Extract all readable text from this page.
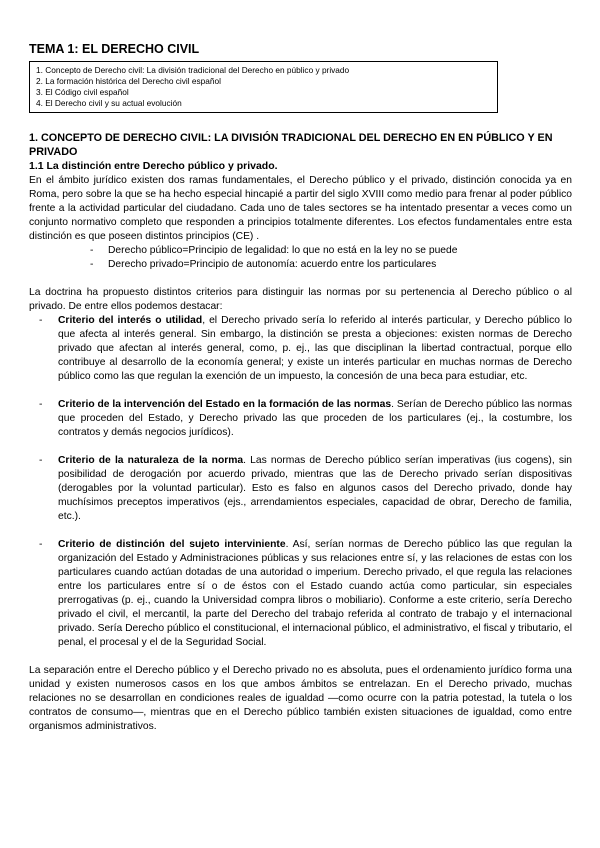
TEMA 1: EL DERECHO CIVIL
1. Concepto de Derecho civil: La división tradicional del Derecho en público y privado
2. La formación histórica del Derecho civil español
3. El Código civil español
4. El Derecho civil y su actual evolución
1. CONCEPTO DE DERECHO CIVIL: LA DIVISIÓN TRADICIONAL DEL DERECHO EN EN PÚBLICO Y EN PRIVADO
1.1 La distinción entre Derecho público y privado.

En el ámbito jurídico existen dos ramas fundamentales, el Derecho público y el privado, distinción conocida ya en Roma, pero sobre la que se ha hecho especial hincapié a partir del siglo XVIII como medio para frenar al poder público frente a la actividad particular del ciudadano. Cada uno de tales sectores se ha intentado presentar a veces como un conjunto normativo completo que responden a principios totalmente diferentes. Los efectos fundamentales entre esta distinción es que poseen distintos principios (CE) .

- Derecho público=Principio de legalidad: lo que no está en la ley no se puede
- Derecho privado=Principio de autonomía: acuerdo entre los particulares

La doctrina ha propuesto distintos criterios para distinguir las normas por su pertenencia al Derecho público o al privado. De entre ellos podemos destacar:

- Criterio del interés o utilidad, el Derecho privado sería lo referido al interés particular, y Derecho público lo que afecta al interés general. Sin embargo, la distinción se presta a objeciones: existen normas de Derecho privado que afectan al interés general, como, p. ej., las que disciplinan la libertad contractual, porque ello contribuye al desarrollo de la economía general; y existe un interés particular en muchas normas de Derecho público como las que regulan la exención de un impuesto, la concesión de una beca para estudiar, etc.
- Criterio de la intervención del Estado en la formación de las normas. Serían de Derecho público las normas que proceden del Estado, y Derecho privado las que proceden de los particulares (ej., la costumbre, los contratos y demás negocios jurídicos).
- Criterio de la naturaleza de la norma. Las normas de Derecho público serían imperativas (ius cogens), sin posibilidad de derogación por acuerdo privado, mientras que las de Derecho privado serían dispositivas (derogables por la voluntad particular). Esto es falso en algunos casos del Derecho privado, donde hay muchísimos preceptos imperativos (ejs., arrendamientos especiales, capacidad de obrar, Derecho de familia, etc.).
- Criterio de distinción del sujeto interviniente. Así, serían normas de Derecho público las que regulan la organización del Estado y Administraciones públicas y sus relaciones entre sí, y las relaciones de estas con los particulares cuando actúan dotadas de una autoridad o imperium. Derecho privado, el que regula las relaciones entre los particulares entre sí o de éstos con el Estado cuando actúa como particular, sin especiales prerrogativas (p. ej., cuando la Universidad compra libros o mobiliario). Conforme a este criterio, sería Derecho privado el civil, el mercantil, la parte del Derecho del trabajo referida al contrato de trabajo y el internacional privado. Sería Derecho público el constitucional, el internacional público, el administrativo, el fiscal y tributario, el penal, el procesal y el de la Seguridad Social.

La separación entre el Derecho público y el Derecho privado no es absoluta, pues el ordenamiento jurídico forma una unidad y existen numerosos casos en los que ambos ámbitos se entrelazan. En el Derecho privado, muchas relaciones no se desarrollan en condiciones reales de igualdad —como ocurre con la patria potestad, la tutela o los contratos de consumo—, mientras que en el Derecho público también existen situaciones de igualdad, como entre organismos administrativos.
